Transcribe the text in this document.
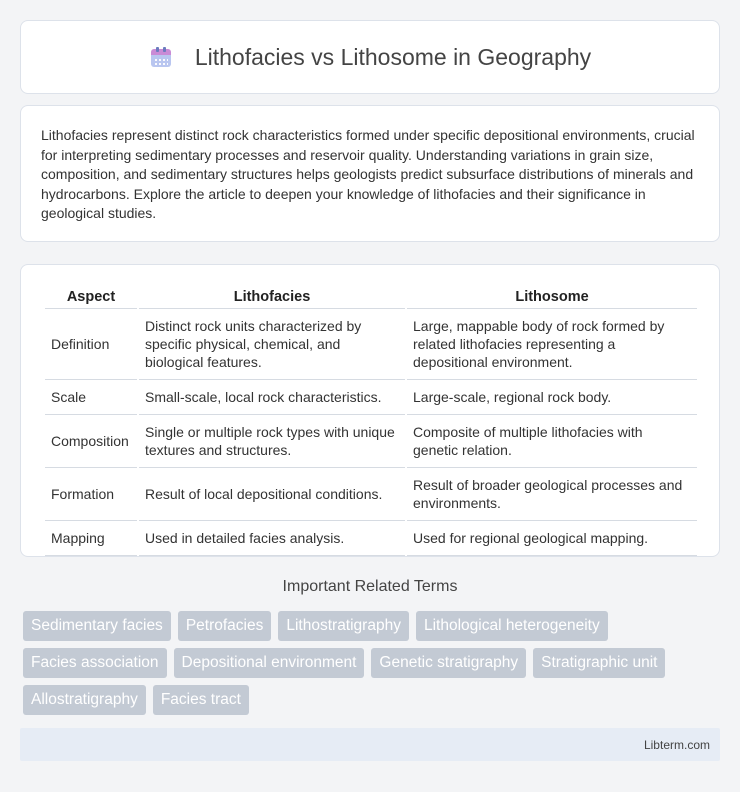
Lithofacies vs Lithosome in Geography

Lithofacies represent distinct rock characteristics formed under specific depositional environments, crucial for interpreting sedimentary processes and reservoir quality. Understanding variations in grain size, composition, and sedimentary structures helps geologists predict subsurface distributions of minerals and hydrocarbons. Explore the article to deepen your knowledge of lithofacies and their significance in geological studies.

Aspect	Lithofacies	Lithosome
Definition	Distinct rock units characterized by specific physical, chemical, and biological features.	Large, mappable body of rock formed by related lithofacies representing a depositional environment.
Scale	Small-scale, local rock characteristics.	Large-scale, regional rock body.
Composition	Single or multiple rock types with unique textures and structures.	Composite of multiple lithofacies with genetic relation.
Formation	Result of local depositional conditions.	Result of broader geological processes and environments.
Mapping	Used in detailed facies analysis.	Used for regional geological mapping.
Important Related Terms
Sedimentary facies	Petrofacies	Lithostratigraphy	Lithological heterogeneity
Facies association	Depositional environment	Genetic stratigraphy	Stratigraphic unit
Allostratigraphy	Facies tract
Libterm.com
